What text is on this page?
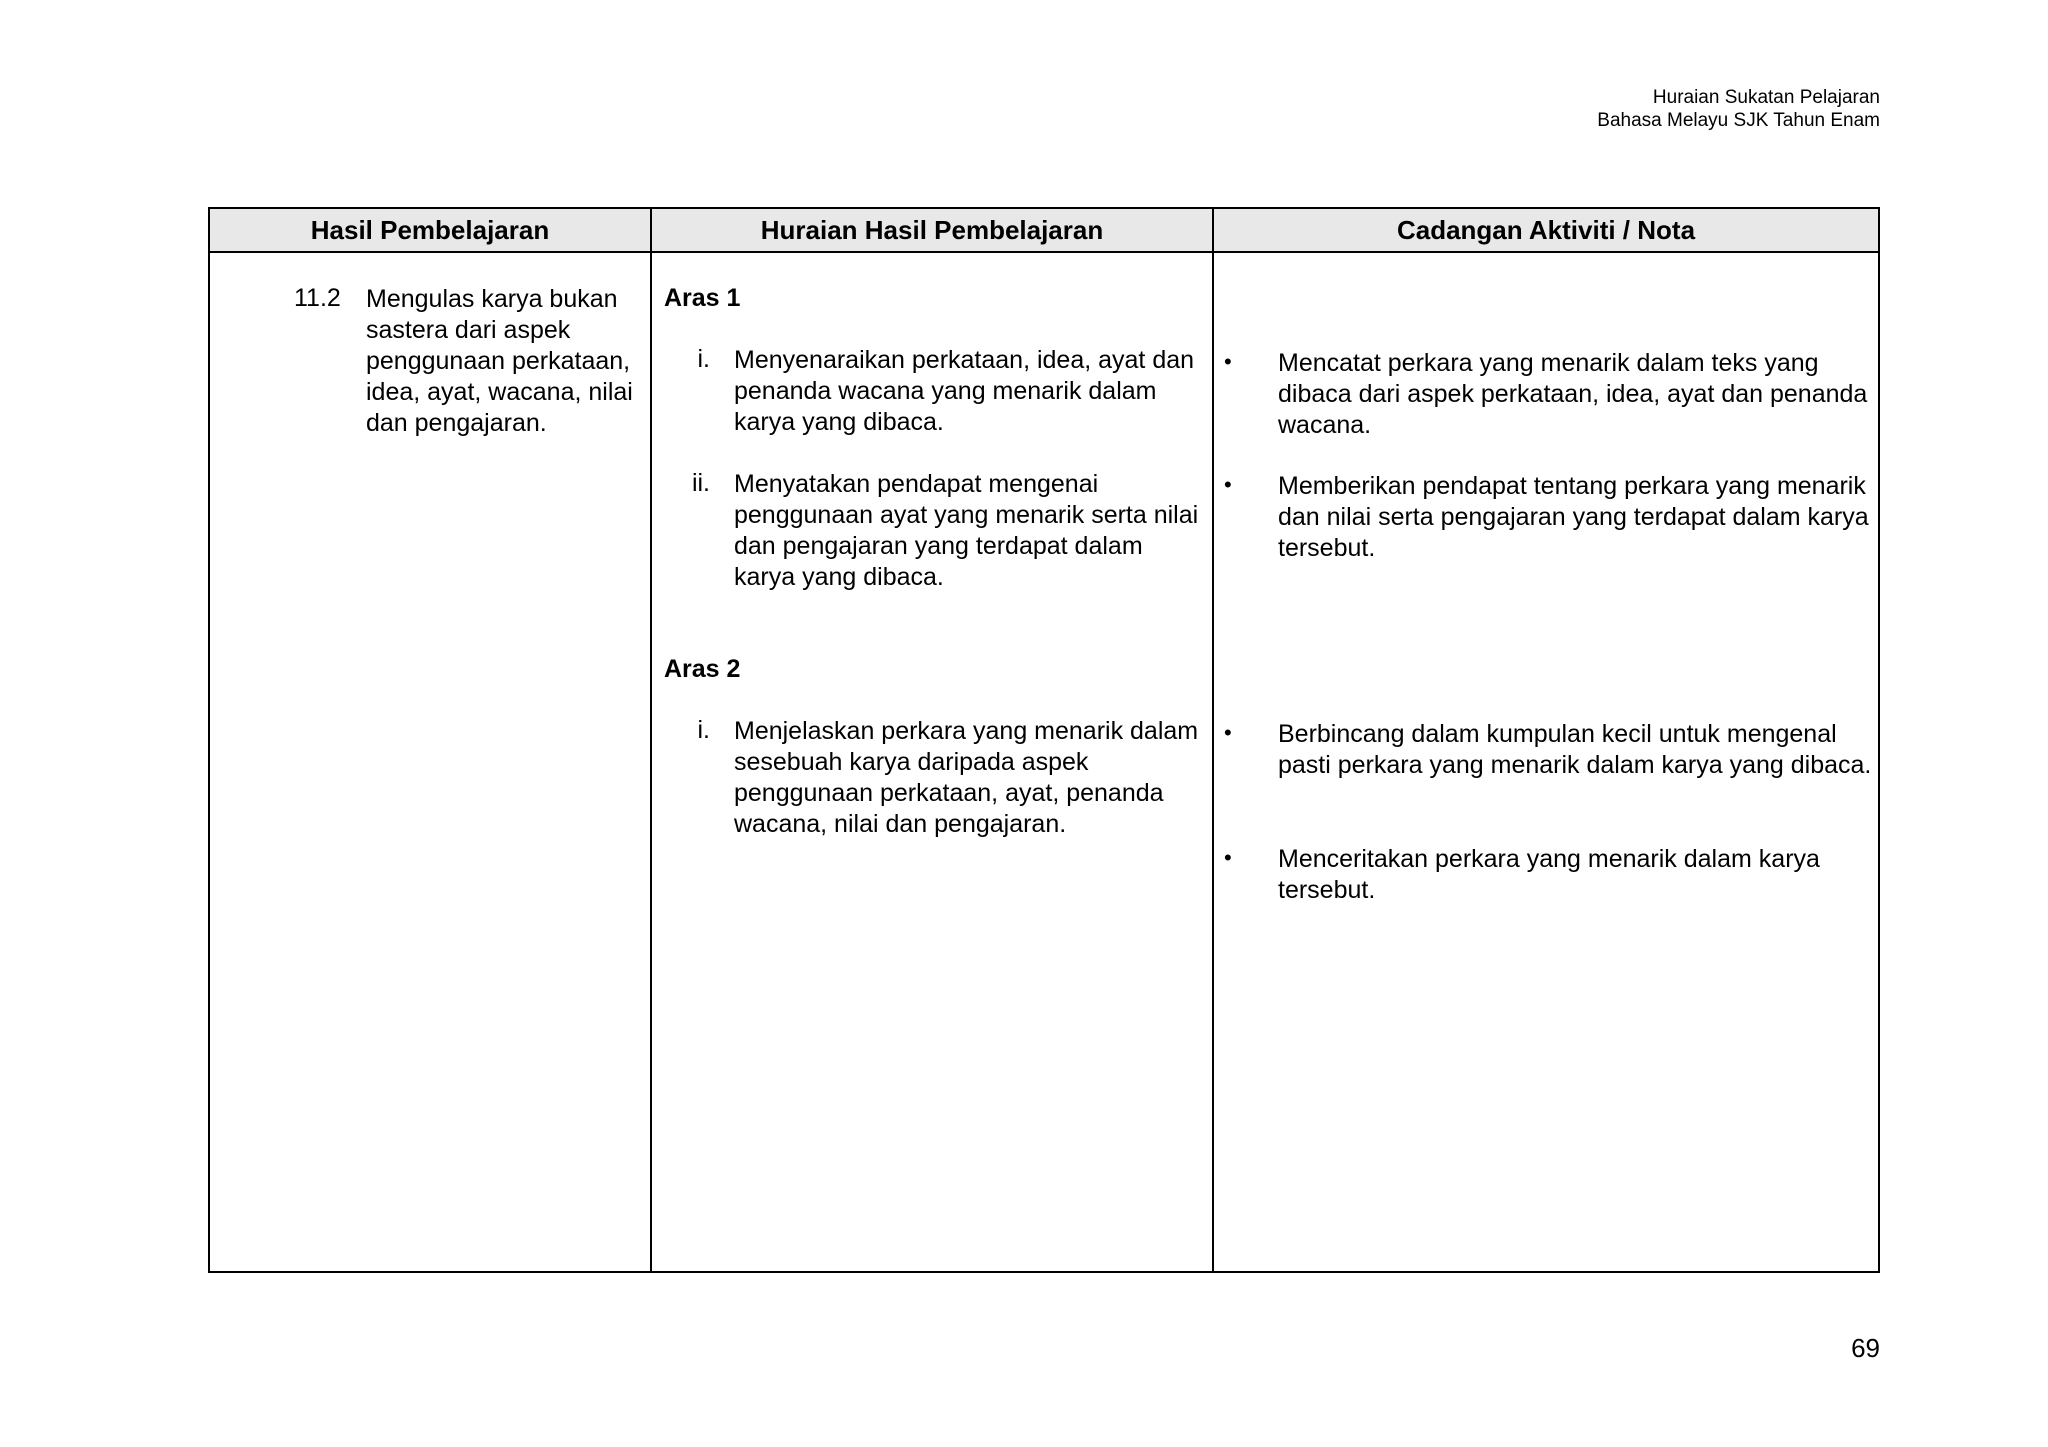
Huraian Sukatan Pelajaran
Bahasa Melayu SJK Tahun Enam
Hasil Pembelajaran	Huraian Hasil Pembelajaran	Cadangan Aktiviti / Nota
11.2 Mengulas karya bukan sastera dari aspek penggunaan perkataan, idea, ayat, wacana, nilai dan pengajaran.
Aras 1
i. Menyenaraikan perkataan, idea, ayat dan penanda wacana yang menarik dalam karya yang dibaca.
ii. Menyatakan pendapat mengenai penggunaan ayat yang menarik serta nilai dan pengajaran yang terdapat dalam karya yang dibaca.
Aras 2
i. Menjelaskan perkara yang menarik dalam sesebuah karya daripada aspek penggunaan perkataan, ayat, penanda wacana, nilai dan pengajaran.
• Mencatat perkara yang menarik dalam teks yang dibaca dari aspek perkataan, idea, ayat dan penanda wacana.
• Memberikan pendapat tentang perkara yang menarik dan nilai serta pengajaran yang terdapat dalam karya tersebut.
• Berbincang dalam kumpulan kecil untuk mengenal pasti perkara yang menarik dalam karya yang dibaca.
• Menceritakan perkara yang menarik dalam karya tersebut.
69
